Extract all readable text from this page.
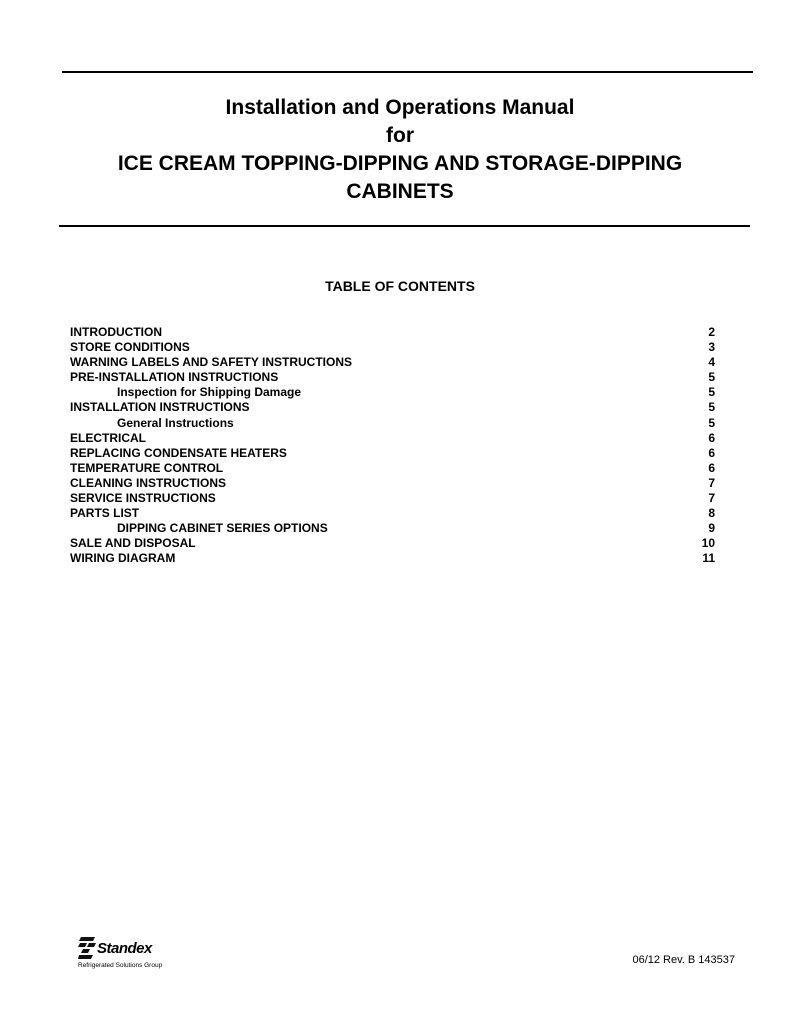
Installation and Operations Manual
for
ICE CREAM TOPPING-DIPPING AND STORAGE-DIPPING
CABINETS
TABLE OF CONTENTS
INTRODUCTION	2
STORE CONDITIONS	3
WARNING LABELS AND SAFETY INSTRUCTIONS	4
PRE-INSTALLATION INSTRUCTIONS	5
Inspection for Shipping Damage	5
INSTALLATION INSTRUCTIONS	5
General Instructions	5
ELECTRICAL	6
REPLACING CONDENSATE HEATERS	6
TEMPERATURE CONTROL	6
CLEANING INSTRUCTIONS	7
SERVICE INSTRUCTIONS	7
PARTS LIST	8
DIPPING CABINET SERIES OPTIONS	9
SALE AND DISPOSAL	10
WIRING DIAGRAM	11
Standex
Refrigerated Solutions Group	06/12 Rev. B 143537
